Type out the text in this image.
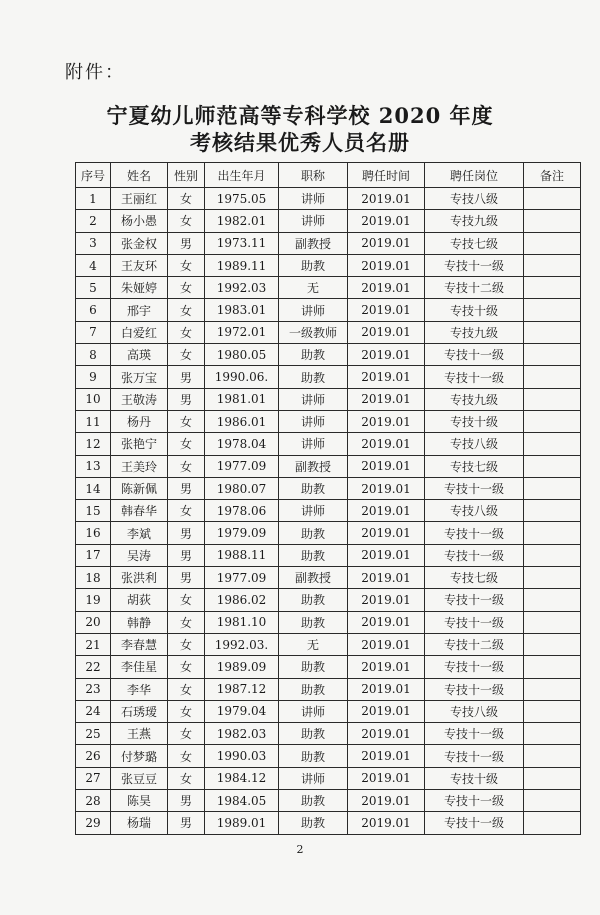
附件：
宁夏幼儿师范高等专科学校 2020 年度
考核结果优秀人员名册
序号	姓名	性别	出生年月	职称	聘任时间	聘任岗位	备注
1	王丽红	女	1975.05	讲师	2019.01	专技八级	
2	杨小愚	女	1982.01	讲师	2019.01	专技九级	
3	张金权	男	1973.11	副教授	2019.01	专技七级	
4	王友环	女	1989.11	助教	2019.01	专技十一级	
5	朱娅婷	女	1992.03	无	2019.01	专技十二级	
6	邢宇	女	1983.01	讲师	2019.01	专技十级	
7	白爱红	女	1972.01	一级教师	2019.01	专技九级	
8	高瑛	女	1980.05	助教	2019.01	专技十一级	
9	张万宝	男	1990.06.	助教	2019.01	专技十一级	
10	王敬涛	男	1981.01	讲师	2019.01	专技九级	
11	杨丹	女	1986.01	讲师	2019.01	专技十级	
12	张艳宁	女	1978.04	讲师	2019.01	专技八级	
13	王美玲	女	1977.09	副教授	2019.01	专技七级	
14	陈新佩	男	1980.07	助教	2019.01	专技十一级	
15	韩春华	女	1978.06	讲师	2019.01	专技八级	
16	李斌	男	1979.09	助教	2019.01	专技十一级	
17	吴涛	男	1988.11	助教	2019.01	专技十一级	
18	张洪利	男	1977.09	副教授	2019.01	专技七级	
19	胡荻	女	1986.02	助教	2019.01	专技十一级	
20	韩静	女	1981.10	助教	2019.01	专技十一级	
21	李春慧	女	1992.03.	无	2019.01	专技十二级	
22	李佳星	女	1989.09	助教	2019.01	专技十一级	
23	李华	女	1987.12	助教	2019.01	专技十一级	
24	石琇瑷	女	1979.04	讲师	2019.01	专技八级	
25	王燕	女	1982.03	助教	2019.01	专技十一级	
26	付梦璐	女	1990.03	助教	2019.01	专技十一级	
27	张豆豆	女	1984.12	讲师	2019.01	专技十级	
28	陈昊	男	1984.05	助教	2019.01	专技十一级	
29	杨瑞	男	1989.01	助教	2019.01	专技十一级	
2
